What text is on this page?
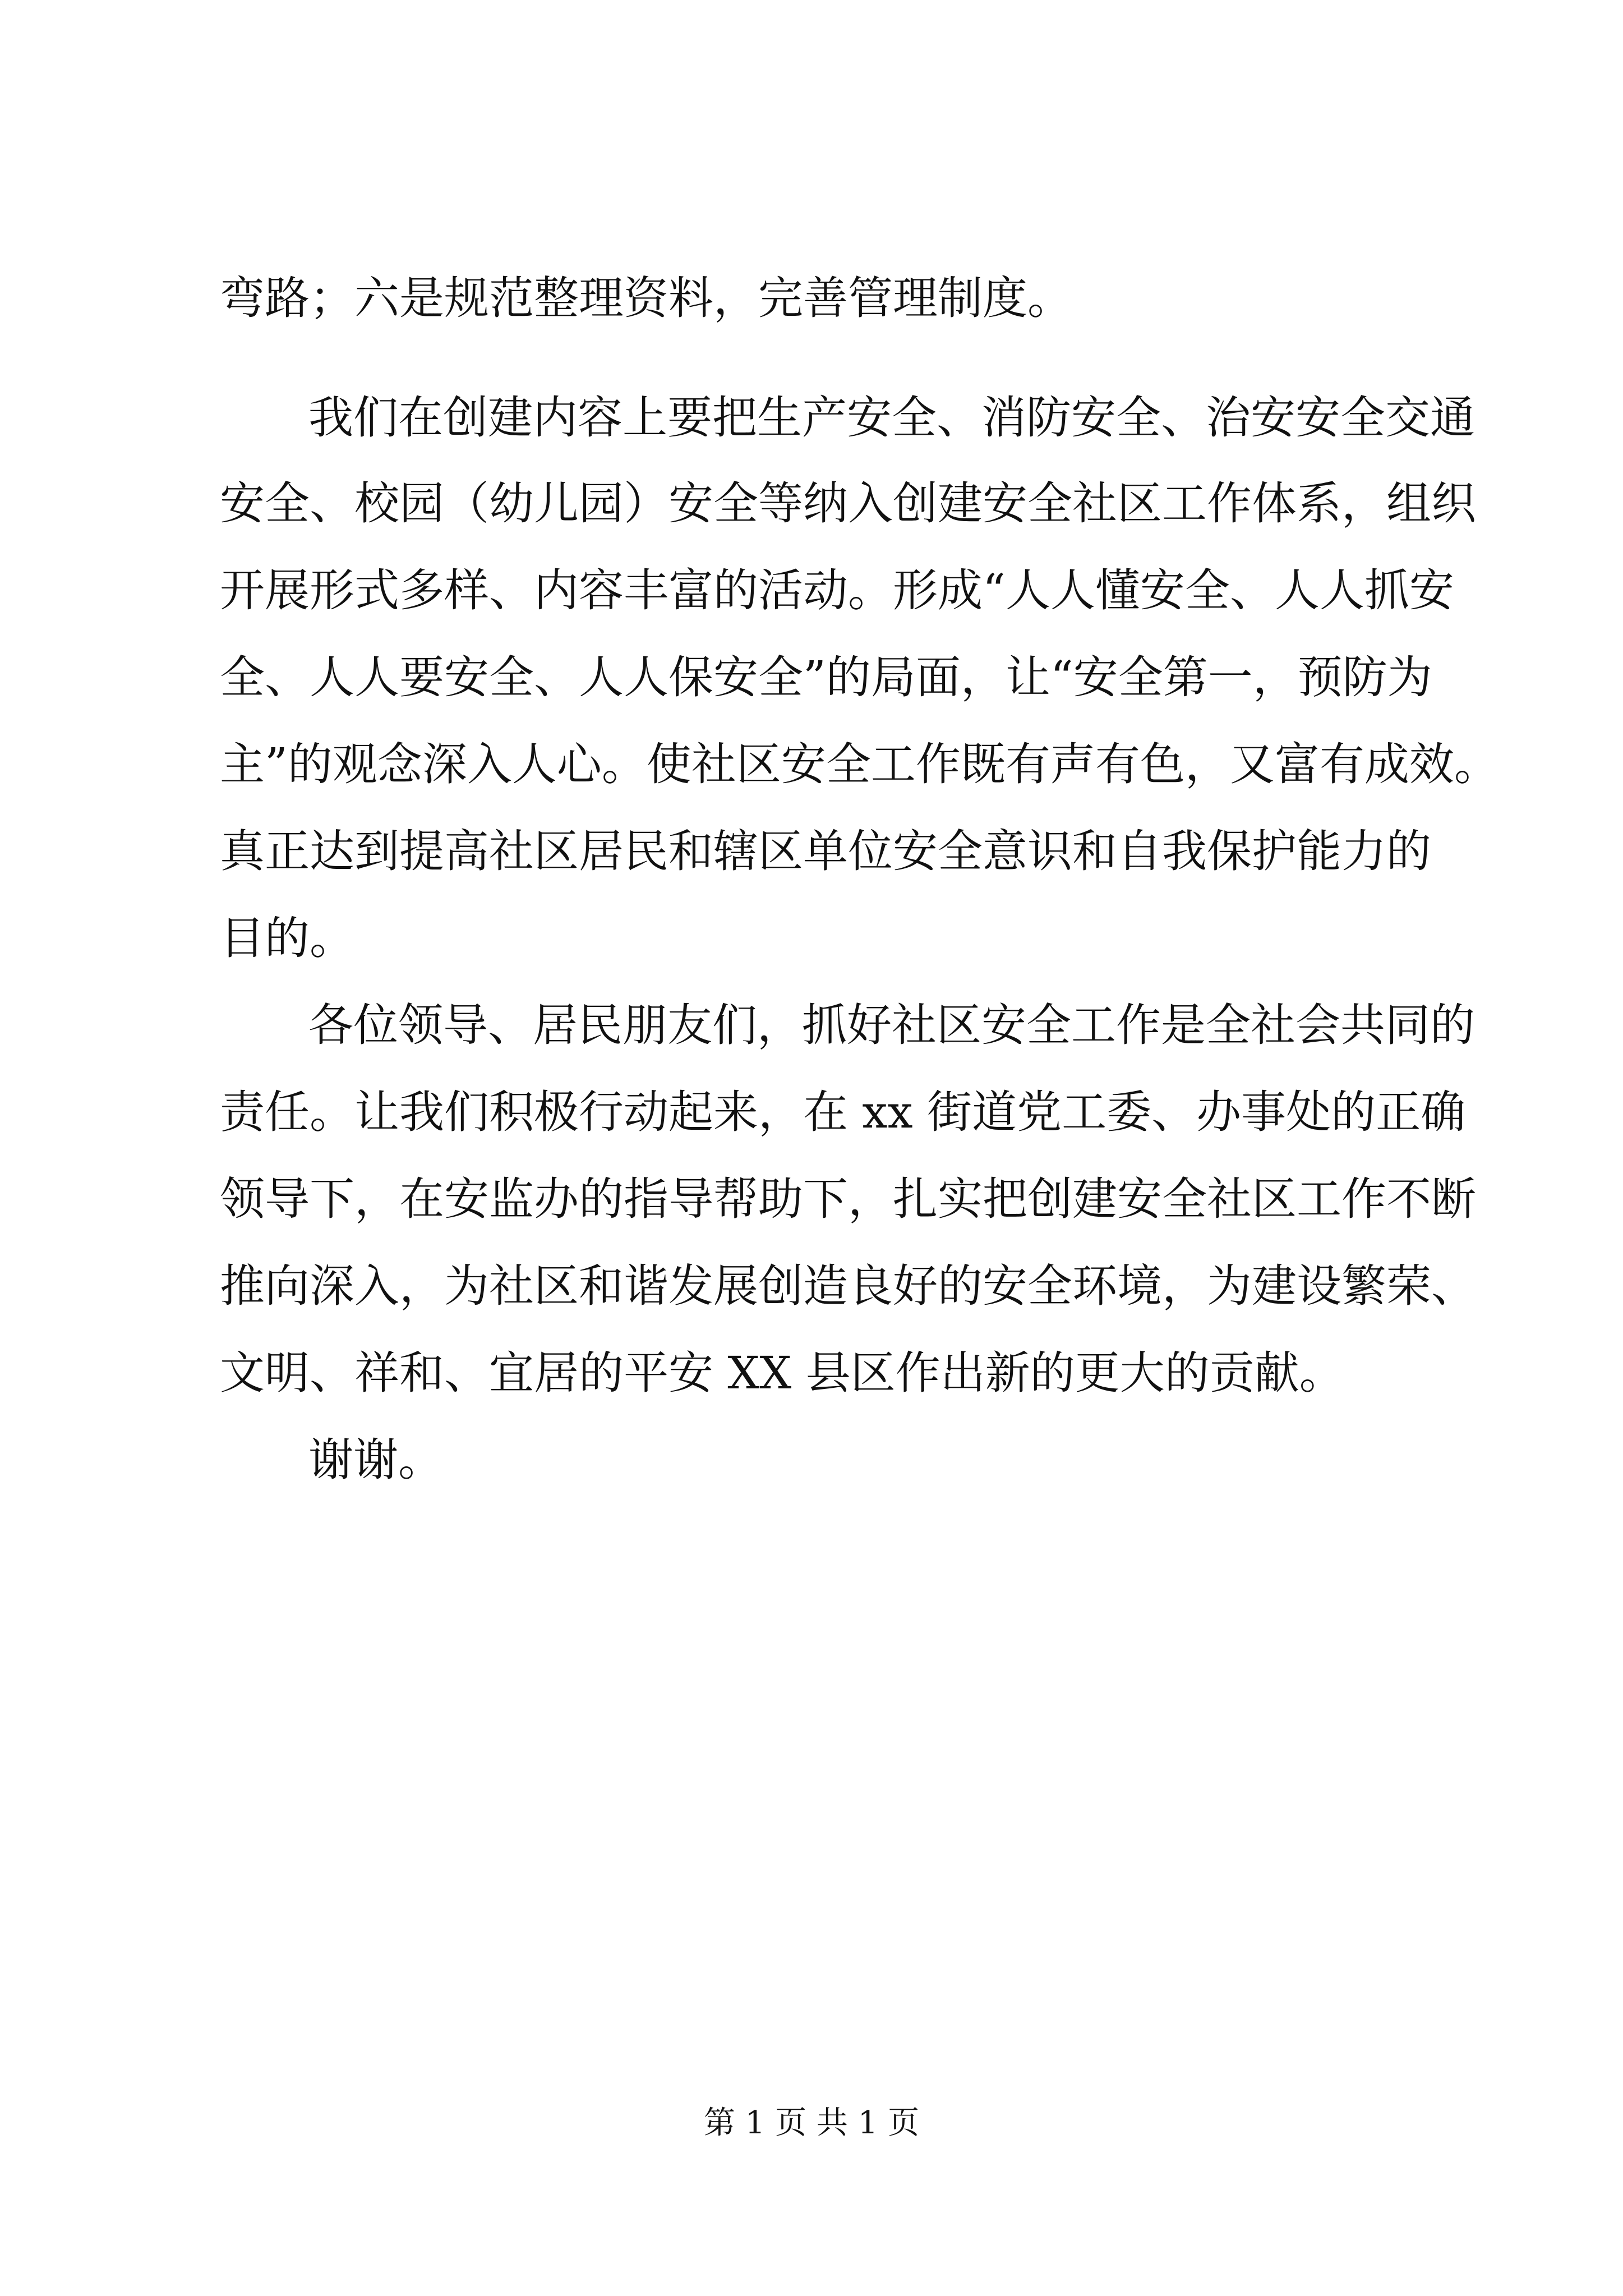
弯路；六是规范整理资料，完善管理制度。
我们在创建内容上要把生产安全、消防安全、治安安全交通
安全、校园（幼儿园）安全等纳入创建安全社区工作体系，组织
开展形式多样、内容丰富的活动。形成“人人懂安全、人人抓安
全、人人要安全、人人保安全”的局面，让“安全第一，预防为
主”的观念深入人心。使社区安全工作既有声有色，又富有成效。
真正达到提高社区居民和辖区单位安全意识和自我保护能力的
目的。
各位领导、居民朋友们，抓好社区安全工作是全社会共同的
责任。让我们积极行动起来，在 xx 街道党工委、办事处的正确
领导下，在安监办的指导帮助下，扎实把创建安全社区工作不断
推向深入，为社区和谐发展创造良好的安全环境，为建设繁荣、
文明、祥和、宜居的平安 XX 县区作出新的更大的贡献。
谢谢。
第 1 页 共 1 页
